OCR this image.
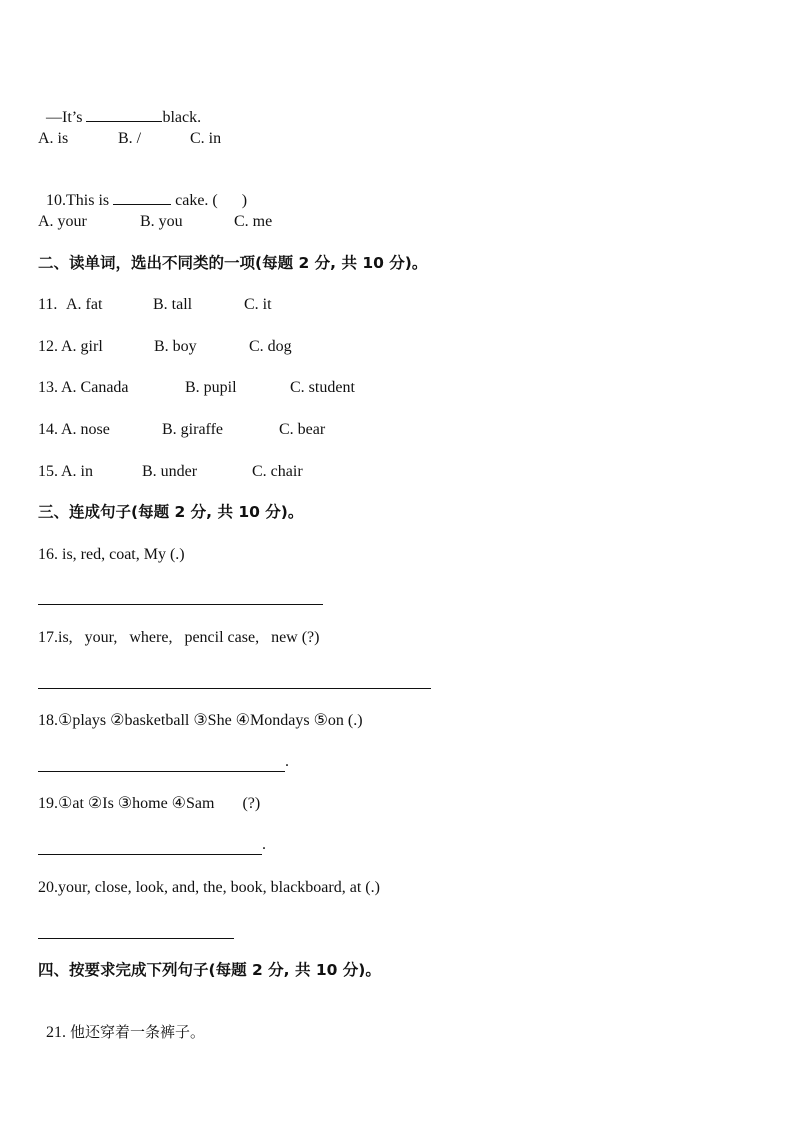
—It’s	black.

A. is

	B. /

	C. in

10.This is	cake. (      )

A. your

	B. you

	C. me

二、读单词，选出不同类的一项(每题 2 分, 共 10 分)。

11.

A. fat

	B. tall

	C. it

12.

A. girl

	B. boy

	C. dog

13.

A. Canada

	B. pupil

	C. student

14.

A. nose

	B. giraffe

	C. bear

15.

A. in

	B. under

	C. chair

三、连成句子(每题 2 分, 共 10 分)。
16. is, red, coat, My (.)
17.is,   your,   where,   pencil case,   new (?)
18.①plays ②basketball ③She ④Mondays ⑤on (.)
.
19.①at ②Is ③home ④Sam       (?)
.
20.your, close, look, and, the, book, blackboard, at (.)
四、按要求完成下列句子(每题 2 分, 共 10 分)。

21. 他还穿着一条裤子。
